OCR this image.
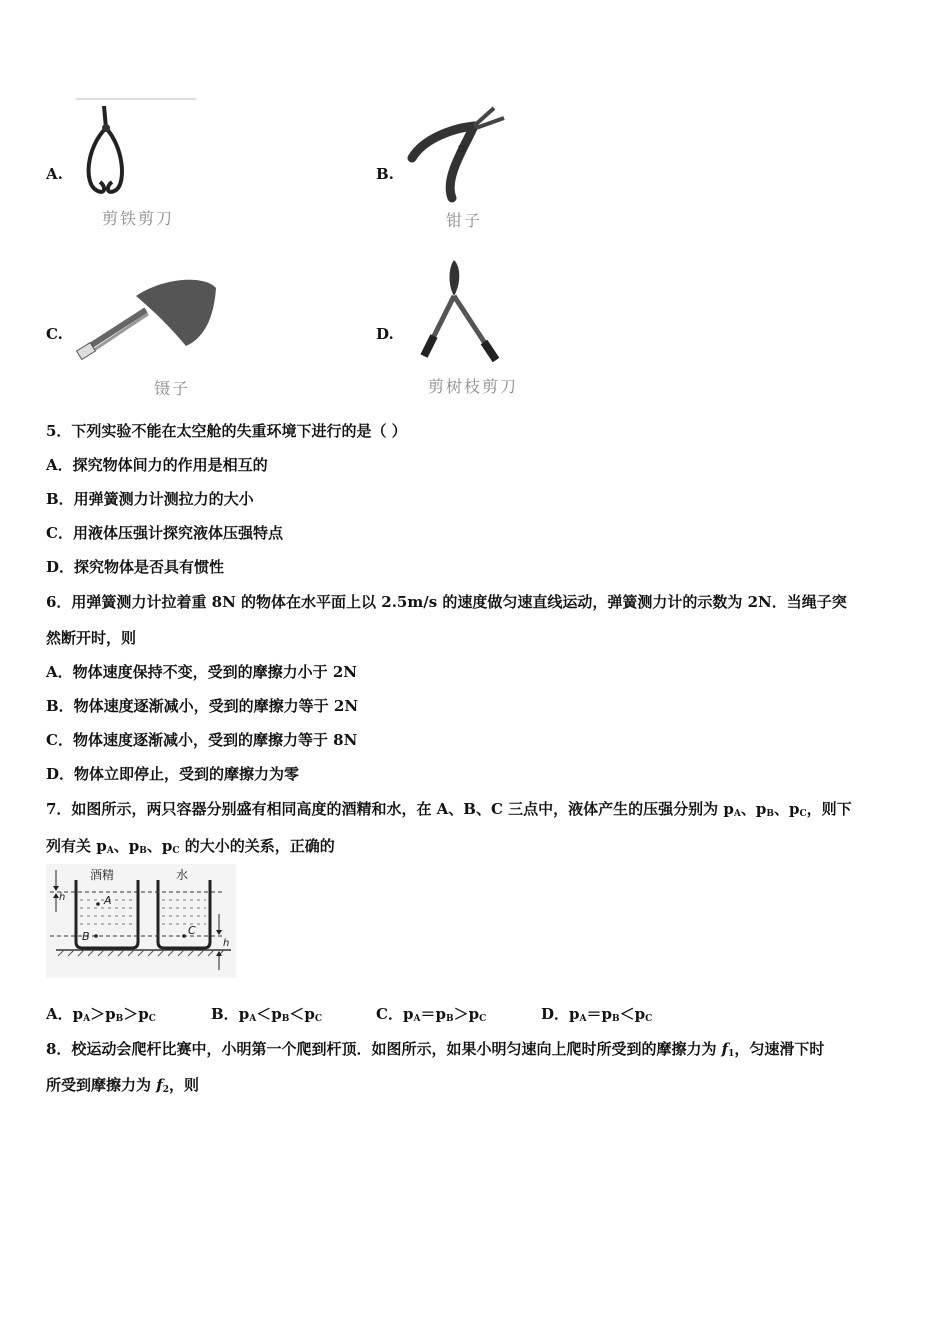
A.
剪铁剪刀
B.
钳子
C.
镊子
D.
剪树枝剪刀
5．下列实验不能在太空舱的失重环境下进行的是（ ）
A．探究物体间力的作用是相互的
B．用弹簧测力计测拉力的大小
C．用液体压强计探究液体压强特点
D．探究物体是否具有惯性
6．用弹簧测力计拉着重 8N 的物体在水平面上以 2.5m/s 的速度做匀速直线运动，弹簧测力计的示数为 2N．当绳子突
然断开时，则
A．物体速度保持不变，受到的摩擦力小于 2N
B．物体速度逐渐减小，受到的摩擦力等于 2N
C．物体速度逐渐减小，受到的摩擦力等于 8N
D．物体立即停止，受到的摩擦力为零
7．如图所示，两只容器分别盛有相同高度的酒精和水，在 A、B、C 三点中，液体产生的压强分别为 $p_A$、$p_B$、$p_C$，则下
列有关 $p_A$、$p_B$、$p_C$ 的大小的关系，正确的
酒精	水
A
B	C
h
h
A．$p_A>p_B>p_C$	B．$p_A<p_B<p_C$	C．$p_A=p_B>p_C$	D．$p_A=p_B<p_C$
8．校运动会爬杆比赛中，小明第一个爬到杆顶．如图所示，如果小明匀速向上爬时所受到的摩擦力为 $f_1$，匀速滑下时
所受到摩擦力为 $f_2$，则
